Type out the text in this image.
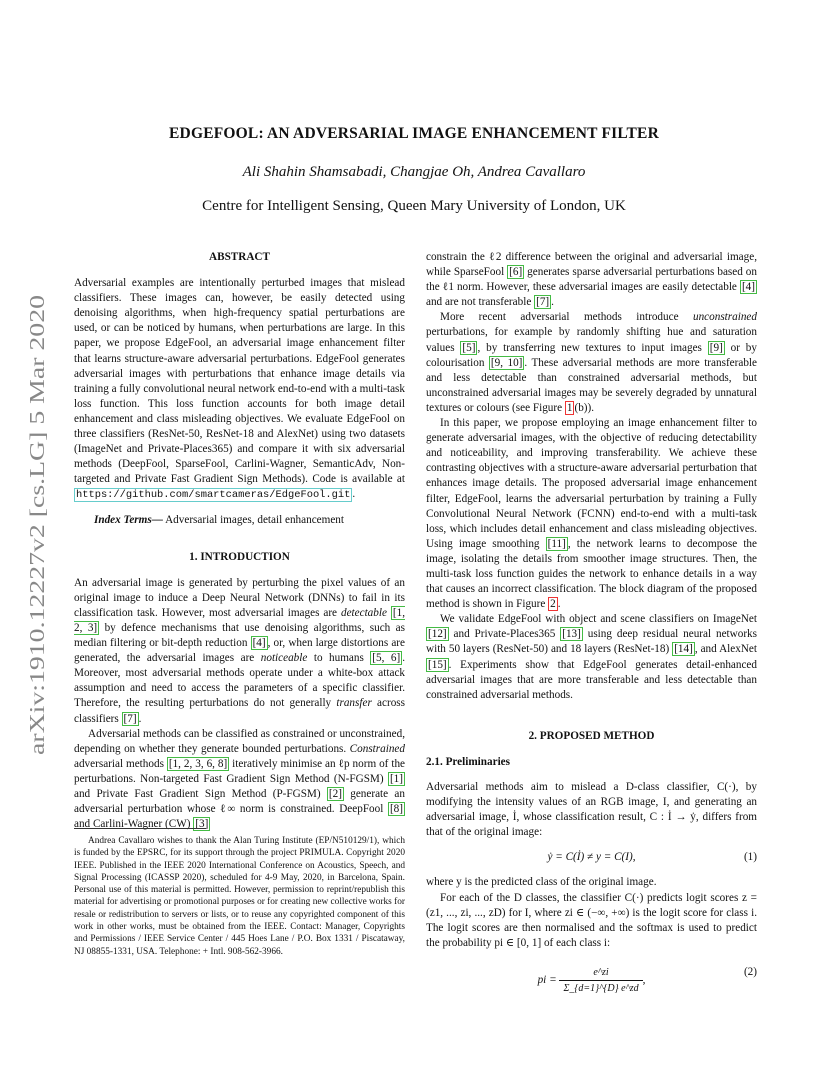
arXiv:1910.12227v2 [cs.LG] 5 Mar 2020
EDGEFOOL: AN ADVERSARIAL IMAGE ENHANCEMENT FILTER
Ali Shahin Shamsabadi, Changjae Oh, Andrea Cavallaro
Centre for Intelligent Sensing, Queen Mary University of London, UK
ABSTRACT

Adversarial examples are intentionally perturbed images that mislead classifiers. These images can, however, be easily detected using denoising algorithms, when high-frequency spatial perturbations are used, or can be noticed by humans, when perturbations are large. In this paper, we propose EdgeFool, an adversarial image enhancement filter that learns structure-aware adversarial perturbations. EdgeFool generates adversarial images with perturbations that enhance image details via training a fully convolutional neural network end-to-end with a multi-task loss function. This loss function accounts for both image detail enhancement and class misleading objectives. We evaluate EdgeFool on three classifiers (ResNet-50, ResNet-18 and AlexNet) using two datasets (ImageNet and Private-Places365) and compare it with six adversarial methods (DeepFool, SparseFool, Carlini-Wagner, SemanticAdv, Non-targeted and Private Fast Gradient Sign Methods). Code is available at https://github.com/smartcameras/EdgeFool.git .

Index Terms— Adversarial images, detail enhancement

1. INTRODUCTION

An adversarial image is generated by perturbing the pixel values of an original image to induce a Deep Neural Network (DNNs) to fail in its classification task. However, most adversarial images are detectable [1, 2, 3] by defence mechanisms that use denoising algorithms, such as median filtering or bit-depth reduction [4] , or, when large distortions are generated, the adversarial images are noticeable to humans [5, 6] . Moreover, most adversarial methods operate under a white-box attack assumption and need to access the parameters of a specific classifier. Therefore, the resulting perturbations do not generally transfer across classifiers [7] .

Adversarial methods can be classified as constrained or unconstrained, depending on whether they generate bounded perturbations. Constrained adversarial methods [1, 2, 3, 6, 8] iteratively minimise an ℓp norm of the perturbations. Non-targeted Fast Gradient Sign Method (N-FGSM) [1] and Private Fast Gradient Sign Method (P-FGSM) [2] generate an adversarial perturbation whose ℓ∞ norm is constrained. DeepFool [8] and Carlini-Wagner (CW) [3]

Andrea Cavallaro wishes to thank the Alan Turing Institute (EP/N510129/1), which is funded by the EPSRC, for its support through the project PRIMULA. Copyright 2020 IEEE. Published in the IEEE 2020 International Conference on Acoustics, Speech, and Signal Processing (ICASSP 2020), scheduled for 4-9 May, 2020, in Barcelona, Spain. Personal use of this material is permitted. However, permission to reprint/republish this material for advertising or promotional purposes or for creating new collective works for resale or redistribution to servers or lists, or to reuse any copyrighted component of this work in other works, must be obtained from the IEEE. Contact: Manager, Copyrights and Permissions / IEEE Service Center / 445 Hoes Lane / P.O. Box 1331 / Piscataway, NJ 08855-1331, USA. Telephone: + Intl. 908-562-3966.

constrain the ℓ2 difference between the original and adversarial image, while SparseFool [6] generates sparse adversarial perturbations based on the ℓ1 norm. However, these adversarial images are easily detectable [4] and are not transferable [7] .

More recent adversarial methods introduce unconstrained perturbations, for example by randomly shifting hue and saturation values [5] , by transferring new textures to input images [9] or by colourisation [9, 10] . These adversarial methods are more transferable and less detectable than constrained adversarial methods, but unconstrained adversarial images may be severely degraded by unnatural textures or colours (see Figure 1 (b)).

In this paper, we propose employing an image enhancement filter to generate adversarial images, with the objective of reducing detectability and noticeability, and improving transferability. We achieve these contrasting objectives with a structure-aware adversarial perturbation that enhances image details. The proposed adversarial image enhancement filter, EdgeFool, learns the adversarial perturbation by training a Fully Convolutional Neural Network (FCNN) end-to-end with a multi-task loss, which includes detail enhancement and class misleading objectives. Using image smoothing [11] , the network learns to decompose the image, isolating the details from smoother image structures. Then, the multi-task loss function guides the network to enhance details in a way that causes an incorrect classification. The block diagram of the proposed method is shown in Figure 2 .

We validate EdgeFool with object and scene classifiers on ImageNet [12] and Private-Places365 [13] using deep residual neural networks with 50 layers (ResNet-50) and 18 layers (ResNet-18) [14] , and AlexNet [15] . Experiments show that EdgeFool generates detail-enhanced adversarial images that are more transferable and less detectable than constrained adversarial methods.

2. PROPOSED METHOD
2.1. Preliminaries

Adversarial methods aim to mislead a D-class classifier, C(·), by modifying the intensity values of an RGB image, I, and generating an adversarial image, İ, whose classification result, C : İ → ẏ, differs from that of the original image:

ẏ = C(İ) ≠ y = C(I),	(1)

where y is the predicted class of the original image.

For each of the D classes, the classifier C(·) predicts logit scores z = (z1, ..., zi, ..., zD) for I, where zi ∈ (−∞, +∞) is the logit score for class i. The logit scores are then normalised and the softmax is used to predict the probability pi ∈ [0, 1] of each class i:

pi = $\frac{e\^{}zi}{\Sigma\_\{d=1\}\^{}\{D\} e\^{}zd}$ ,
(2)
